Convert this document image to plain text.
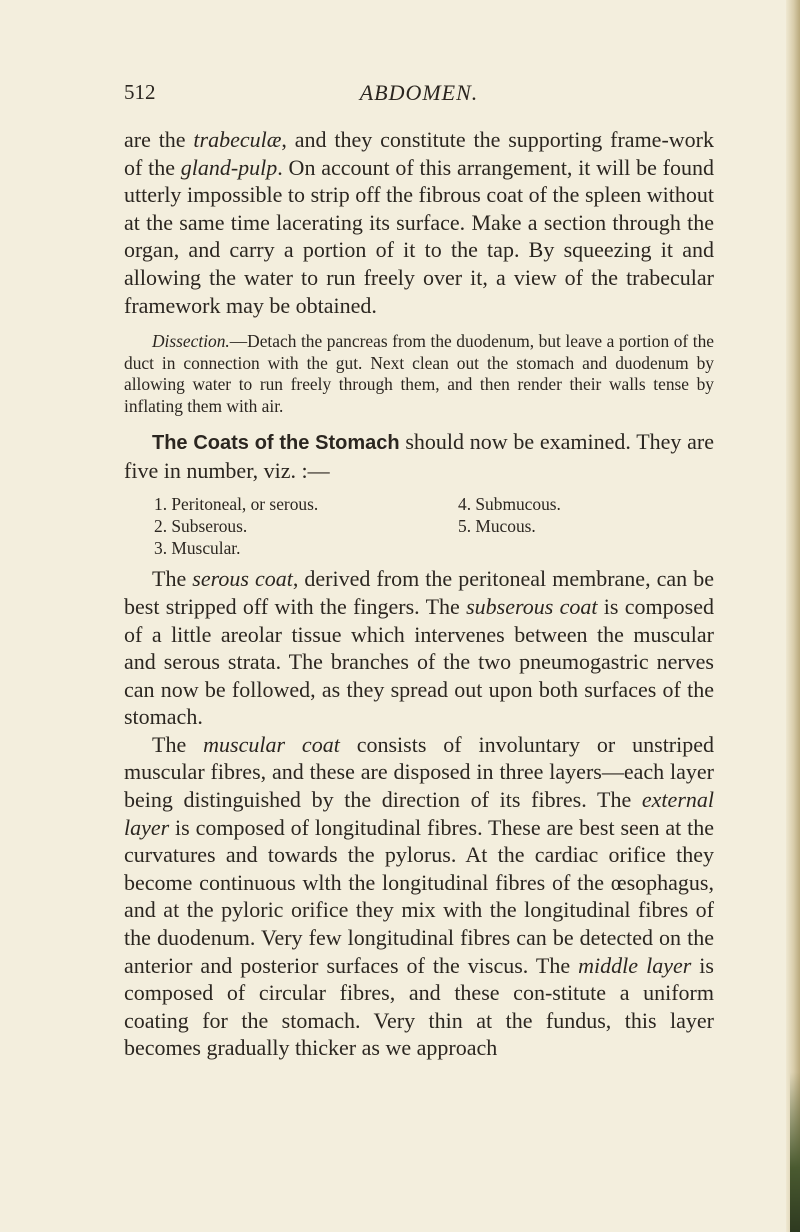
512	ABDOMEN.

are the trabeculæ, and they constitute the supporting frame-work of the gland-pulp. On account of this arrangement, it will be found utterly impossible to strip off the fibrous coat of the spleen without at the same time lacerating its surface. Make a section through the organ, and carry a portion of it to the tap. By squeezing it and allowing the water to run freely over it, a view of the trabecular framework may be obtained.

Dissection.—Detach the pancreas from the duodenum, but leave a portion of the duct in connection with the gut. Next clean out the stomach and duodenum by allowing water to run freely through them, and then render their walls tense by inflating them with air.

The Coats of the Stomach should now be examined. They are five in number, viz. :—

1. Peritoneal, or serous.	4. Submucous.
2. Subserous.	5. Mucous.
3. Muscular.

The serous coat, derived from the peritoneal membrane, can be best stripped off with the fingers. The subserous coat is composed of a little areolar tissue which intervenes between the muscular and serous strata. The branches of the two pneumogastric nerves can now be followed, as they spread out upon both surfaces of the stomach.

The muscular coat consists of involuntary or unstriped muscular fibres, and these are disposed in three layers—each layer being distinguished by the direction of its fibres. The external layer is composed of longitudinal fibres. These are best seen at the curvatures and towards the pylorus. At the cardiac orifice they become continuous wlth the longitudinal fibres of the œsophagus, and at the pyloric orifice they mix with the longitudinal fibres of the duodenum. Very few longitudinal fibres can be detected on the anterior and posterior surfaces of the viscus. The middle layer is composed of circular fibres, and these con-stitute a uniform coating for the stomach. Very thin at the fundus, this layer becomes gradually thicker as we approach
